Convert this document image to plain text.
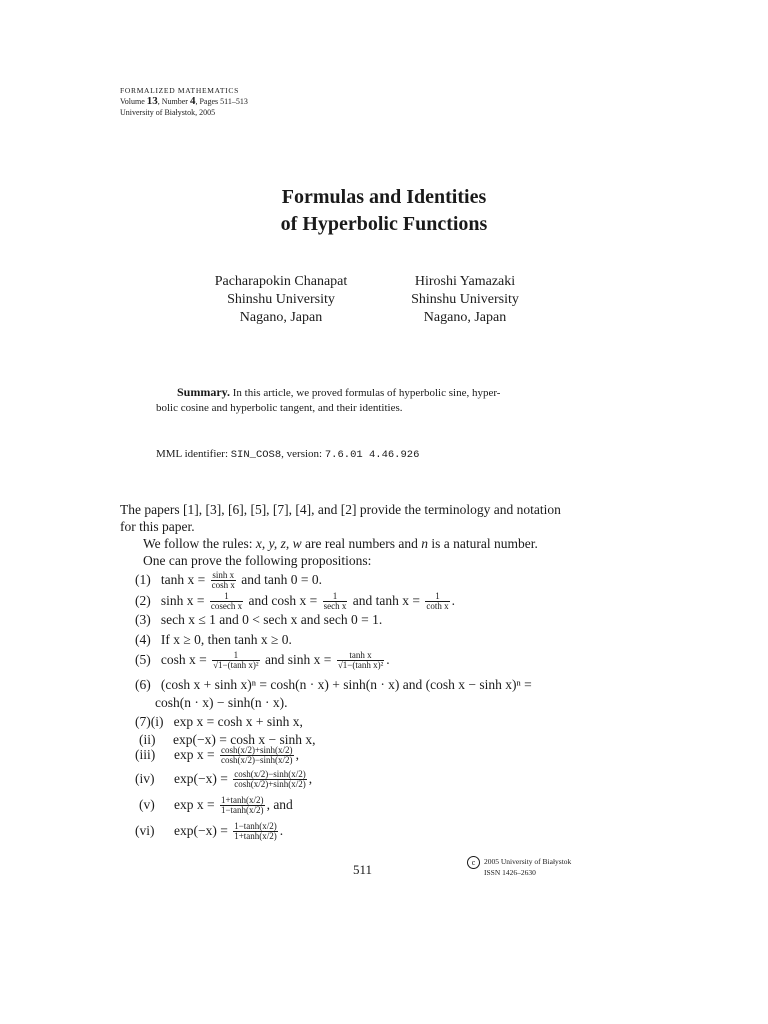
FORMALIZED MATHEMATICS
Volume 13, Number 4, Pages 511–513
University of Białystok, 2005
Formulas and Identities
of Hyperbolic Functions
Pacharapokin Chanapat
Shinshu University
Nagano, Japan
Hiroshi Yamazaki
Shinshu University
Nagano, Japan
Summary. In this article, we proved formulas of hyperbolic sine, hyper-
bolic cosine and hyperbolic tangent, and their identities.
MML identifier: SIN_COS8, version: 7.6.01 4.46.926
The papers [1], [3], [6], [5], [7], [4], and [2] provide the terminology and notation
for this paper.
We follow the rules: x, y, z, w are real numbers and n is a natural number.
One can prove the following propositions:
(1) $\tanh x = \frac{\text{sinh x}}{\text{cosh x}}$ and tanh 0 = 0.
(2) $\sinh x = \frac{1}{\text{cosech x}}$ and $\cosh x = \frac{1}{\text{sech x}}$ and $\tanh x = \frac{1}{\text{coth x}}$ .
(3) sech x ≤ 1 and 0 < sech x and sech 0 = 1.
(4) If x ≥ 0, then tanh x ≥ 0.
(5) $\cosh x = \frac{1}{\text{√1−(tanh x)²}}$ and $\sinh x = \frac{\text{tanh x}}{\text{√1−(tanh x)²}}$ .
(6) (cosh x + sinh x)ⁿ = cosh(n · x) + sinh(n · x) and (cosh x − sinh x)ⁿ =
cosh(n · x) − sinh(n · x).
(7)(i) exp x = cosh x + sinh x,
(ii) exp(−x) = cosh x − sinh x,
(iii) $\exp x = \frac{\cosh(x/2)+\sinh(x/2)}{\cosh(x/2)-\sinh(x/2)}$ ,
(iv) $\exp(-x) = \frac{\cosh(x/2)-\sinh(x/2)}{\cosh(x/2)+\sinh(x/2)}$ ,
(v) $\exp x = \frac{1+\tanh(x/2)}{1-\tanh(x/2)}$ , and
(vi) $\exp(-x) = \frac{1-\tanh(x/2)}{1+\tanh(x/2)}$ .
511	c 2005 University of Białystok
ISSN 1426–2630
